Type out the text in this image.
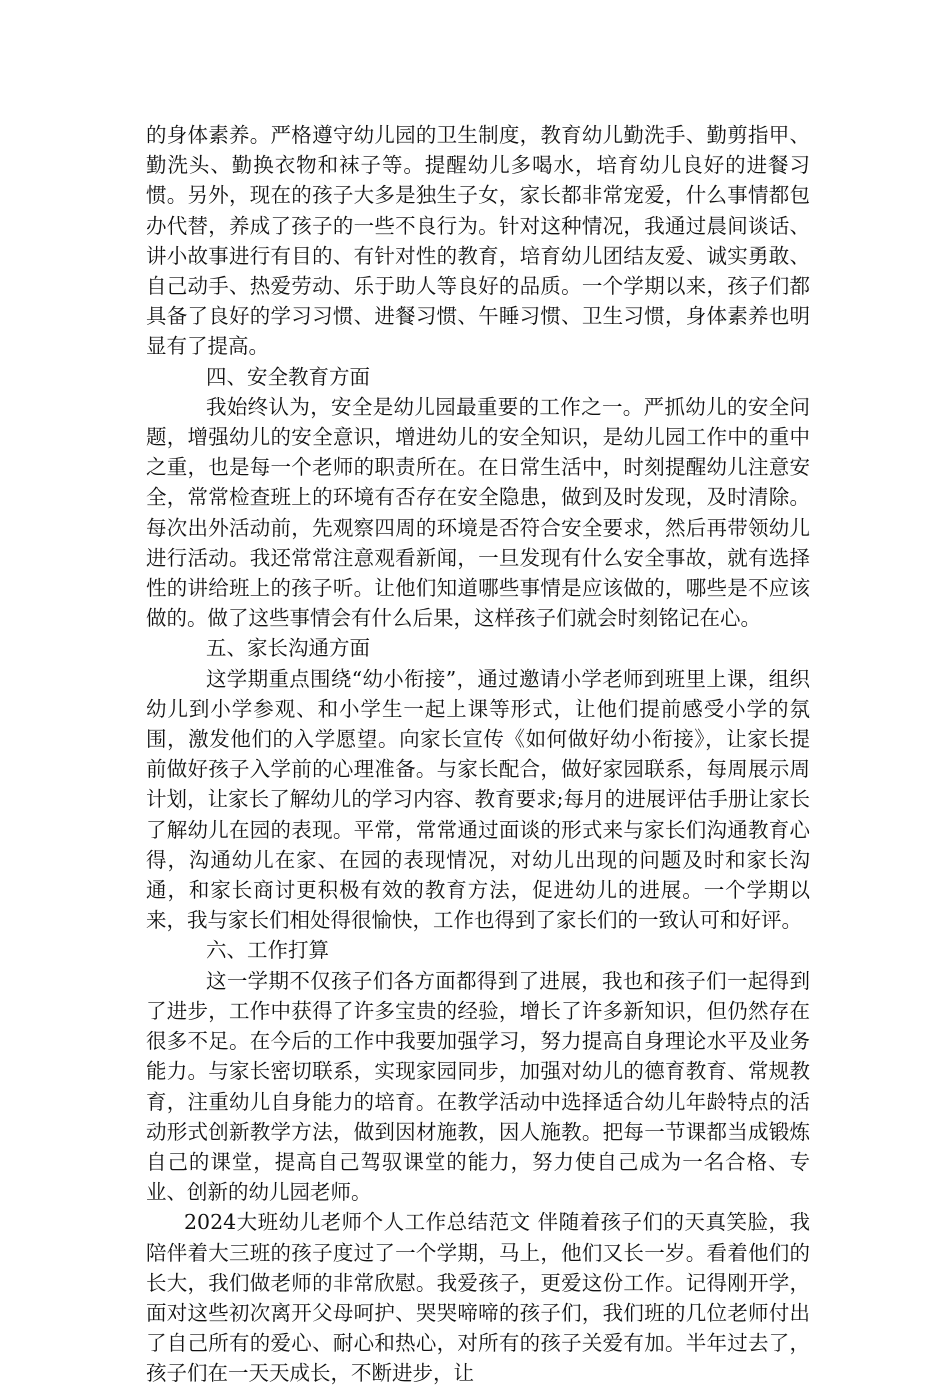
的身体素养。严格遵守幼儿园的卫生制度，教育幼儿勤洗手、勤剪指甲、勤洗头、勤换衣物和袜子等。提醒幼儿多喝水，培育幼儿良好的进餐习惯。另外，现在的孩子大多是独生子女，家长都非常宠爱，什么事情都包办代替，养成了孩子的一些不良行为。针对这种情况，我通过晨间谈话、讲小故事进行有目的、有针对性的教育，培育幼儿团结友爱、诚实勇敢、自己动手、热爱劳动、乐于助人等良好的品质。一个学期以来，孩子们都具备了良好的学习习惯、进餐习惯、午睡习惯、卫生习惯，身体素养也明显有了提高。

四、安全教育方面

我始终认为，安全是幼儿园最重要的工作之一。严抓幼儿的安全问题，增强幼儿的安全意识，增进幼儿的安全知识，是幼儿园工作中的重中之重，也是每一个老师的职责所在。在日常生活中，时刻提醒幼儿注意安全，常常检查班上的环境有否存在安全隐患，做到及时发现，及时清除。每次出外活动前，先观察四周的环境是否符合安全要求，然后再带领幼儿进行活动。我还常常注意观看新闻，一旦发现有什么安全事故，就有选择性的讲给班上的孩子听。让他们知道哪些事情是应该做的，哪些是不应该做的。做了这些事情会有什么后果，这样孩子们就会时刻铭记在心。

五、家长沟通方面

这学期重点围绕“幼小衔接”，通过邀请小学老师到班里上课，组织幼儿到小学参观、和小学生一起上课等形式，让他们提前感受小学的氛围，激发他们的入学愿望。向家长宣传《如何做好幼小衔接》，让家长提前做好孩子入学前的心理准备。与家长配合，做好家园联系，每周展示周计划，让家长了解幼儿的学习内容、教育要求;每月的进展评估手册让家长了解幼儿在园的表现。平常，常常通过面谈的形式来与家长们沟通教育心得，沟通幼儿在家、在园的表现情况，对幼儿出现的问题及时和家长沟通，和家长商讨更积极有效的教育方法，促进幼儿的进展。一个学期以来，我与家长们相处得很愉快，工作也得到了家长们的一致认可和好评。

六、工作打算

这一学期不仅孩子们各方面都得到了进展，我也和孩子们一起得到了进步，工作中获得了许多宝贵的经验，增长了许多新知识，但仍然存在很多不足。在今后的工作中我要加强学习，努力提高自身理论水平及业务能力。与家长密切联系，实现家园同步，加强对幼儿的德育教育、常规教育，注重幼儿自身能力的培育。在教学活动中选择适合幼儿年龄特点的活动形式创新教学方法，做到因材施教，因人施教。把每一节课都当成锻炼自己的课堂，提高自己驾驭课堂的能力，努力使自己成为一名合格、专业、创新的幼儿园老师。

2024大班幼儿老师个人工作总结范文 伴随着孩子们的天真笑脸，我陪伴着大三班的孩子度过了一个学期，马上，他们又长一岁。看着他们的长大，我们做老师的非常欣慰。我爱孩子，更爱这份工作。记得刚开学，面对这些初次离开父母呵护、哭哭啼啼的孩子们，我们班的几位老师付出了自己所有的爱心、耐心和热心，对所有的孩子关爱有加。半年过去了，孩子们在一天天成长，不断进步，让
